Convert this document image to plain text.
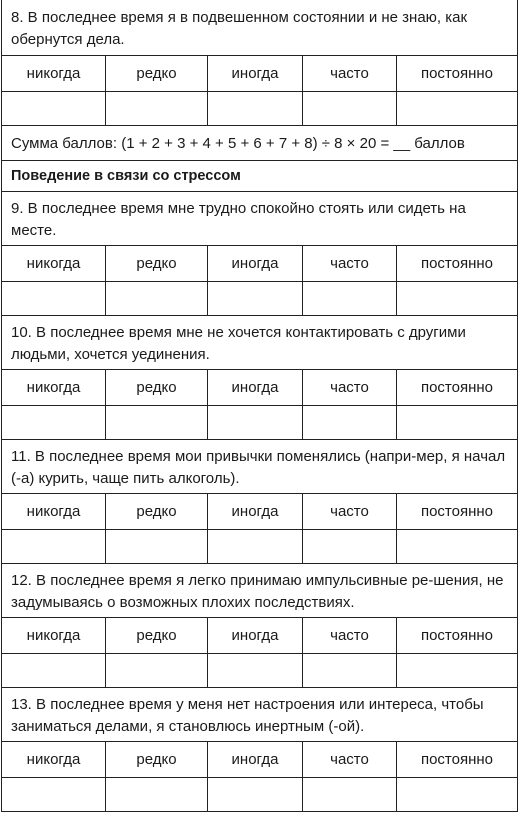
8. В последнее время я в подвешенном состоянии и не знаю, как обернутся дела.
никогда	редко	иногда	часто	постоянно
Сумма баллов: (1 + 2 + 3 + 4 + 5 + 6 + 7 + 8) ÷ 8 × 20 = __ баллов
Поведение в связи со стрессом
9. В последнее время мне трудно спокойно стоять или сидеть на месте.
никогда	редко	иногда	часто	постоянно
10. В последнее время мне не хочется контактировать с другими людьми, хочется уединения.
никогда	редко	иногда	часто	постоянно
11. В последнее время мои привычки поменялись (напри-мер, я начал (-а) курить, чаще пить алкоголь).
никогда	редко	иногда	часто	постоянно
12. В последнее время я легко принимаю импульсивные ре-шения, не задумываясь о возможных плохих последствиях.
никогда	редко	иногда	часто	постоянно
13. В последнее время у меня нет настроения или интереса, чтобы заниматься делами, я становлюсь инертным (-ой).
никогда	редко	иногда	часто	постоянно
